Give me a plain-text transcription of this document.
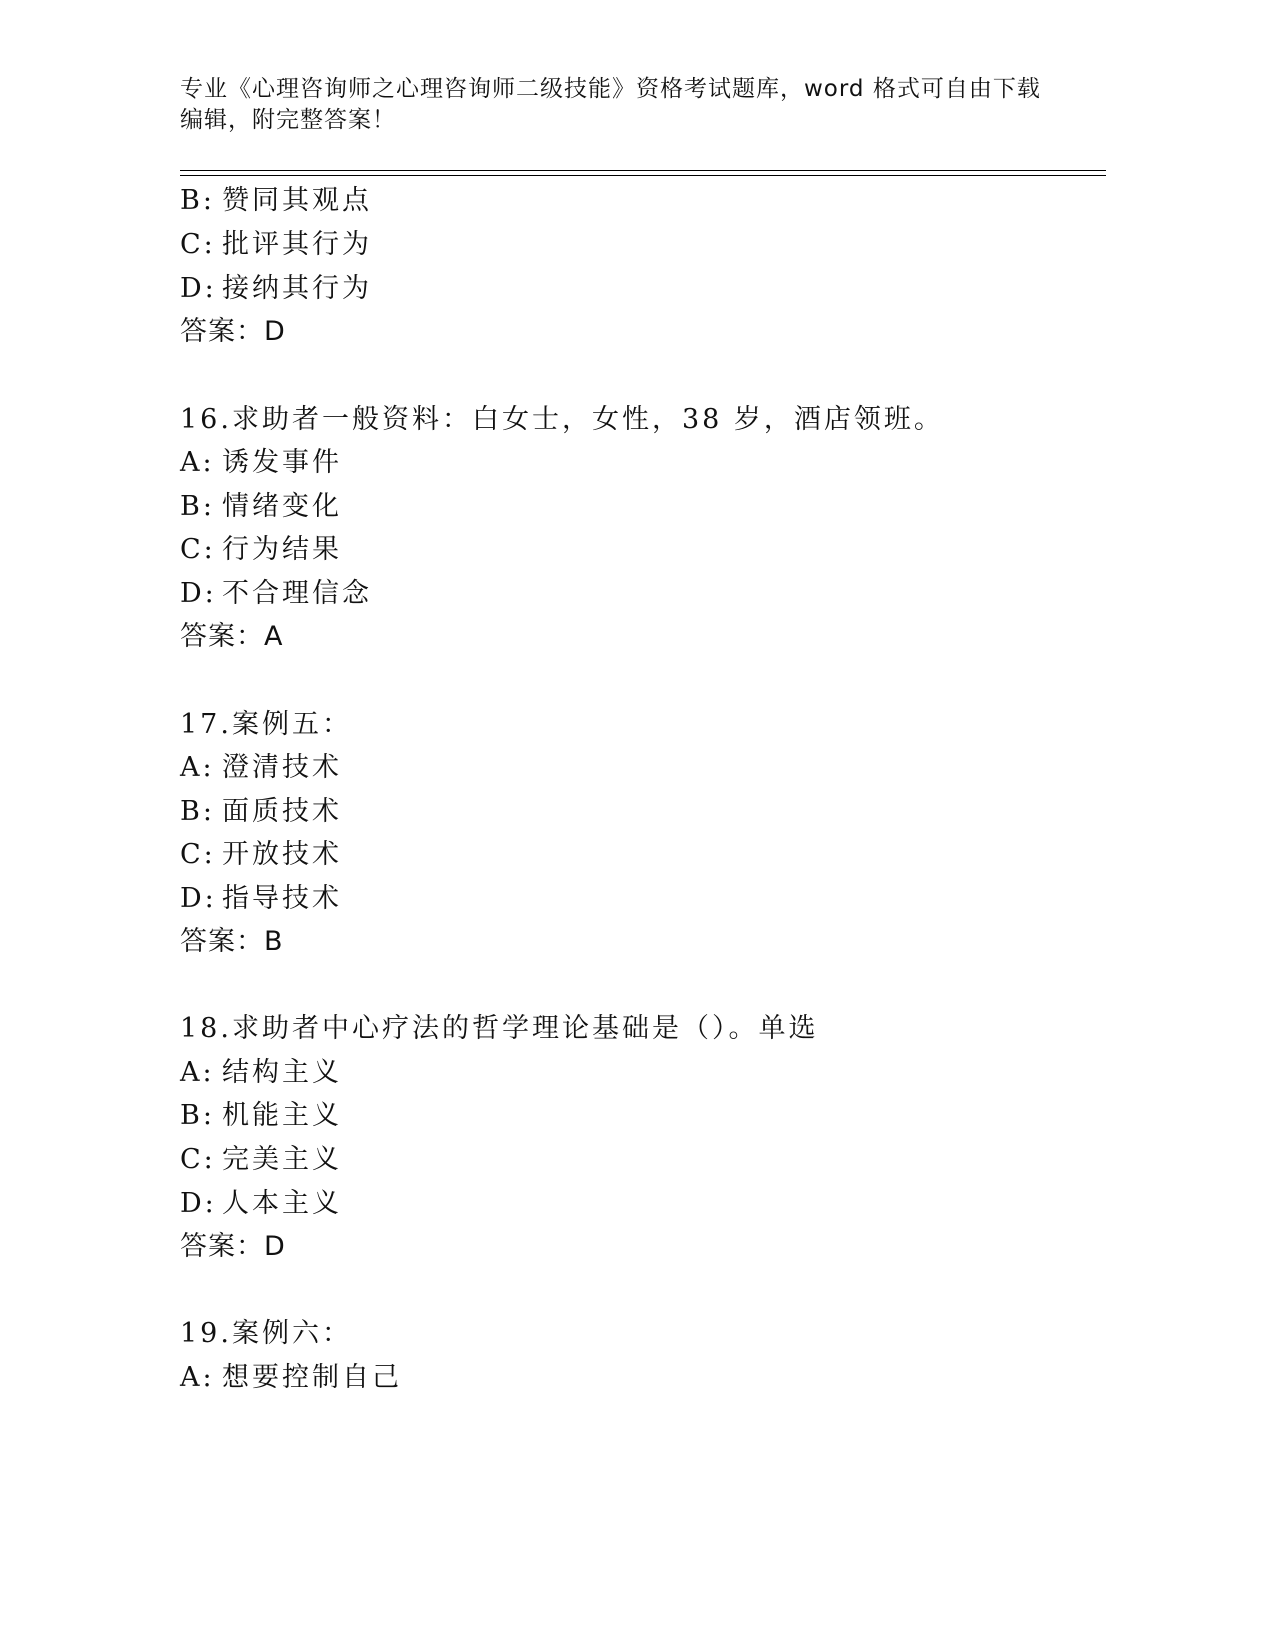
专业《心理咨询师之心理咨询师二级技能》资格考试题库，word 格式可自由下载
编辑，附完整答案！
B: 赞同其观点
C: 批评其行为
D: 接纳其行为
答案：D
16.求助者一般资料：白女士，女性，38 岁，酒店领班。
A: 诱发事件
B: 情绪变化
C: 行为结果
D: 不合理信念
答案：A
17.案例五：
A: 澄清技术
B: 面质技术
C: 开放技术
D: 指导技术
答案：B
18.求助者中心疗法的哲学理论基础是（）。单选
A: 结构主义
B: 机能主义
C: 完美主义
D: 人本主义
答案：D
19.案例六：
A: 想要控制自己
